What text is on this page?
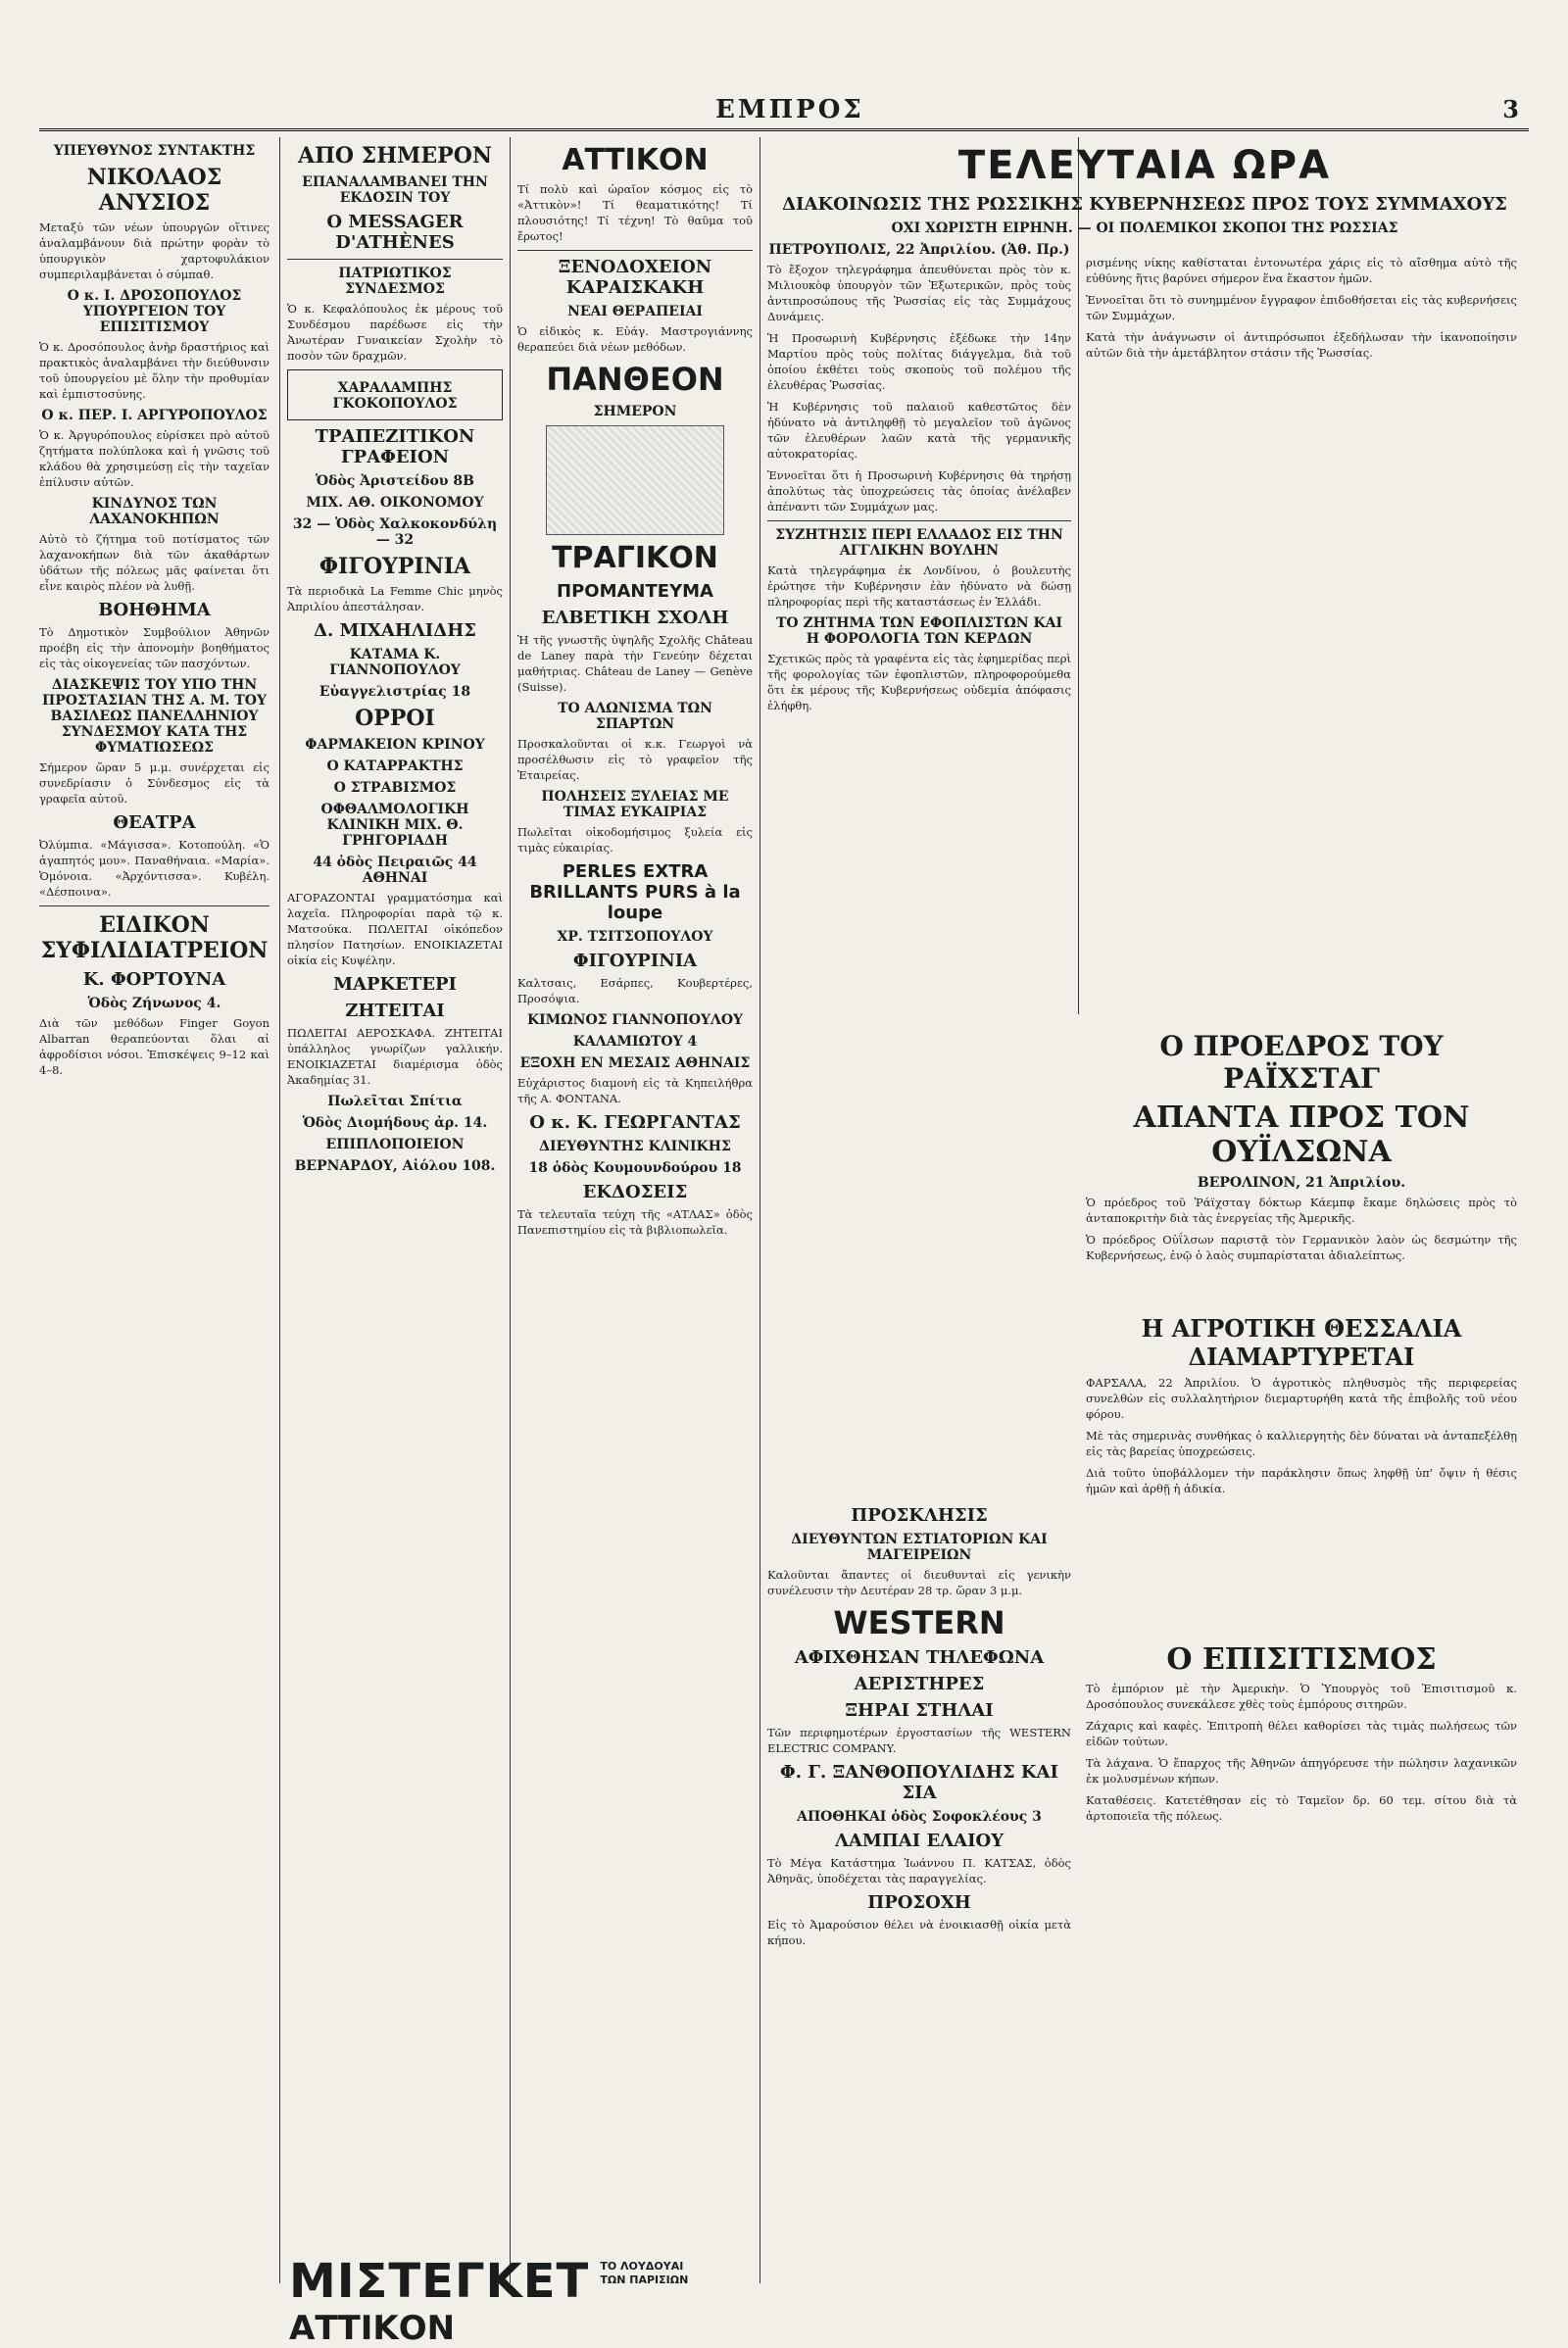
ΕΜΠΡΟΣ	3
ΥΠΕΥΘΥΝΟΣ ΣΥΝΤΑΚΤΗΣ
ΝΙΚΟΛΑΟΣ ΑΝΥΣΙΟΣ

Μεταξύ τῶν νέων ὑπουργῶν οἵτινες ἀναλαμβάνουν διὰ πρώτην φορὰν τὸ ὑπουργικὸν χαρτοφυλάκιον συμπεριλαμβάνεται ὁ σύμπαθ.

Ο κ. Ι. ΔΡΟΣΟΠΟΥΛΟΣ ΥΠΟΥΡΓΕΙΟΝ ΤΟΥ ΕΠΙΣΙΤΙΣΜΟΥ

Ὁ κ. Δροσόπουλος ἀνὴρ δραστήριος καὶ πρακτικὸς ἀναλαμβάνει τὴν διεύθυνσιν τοῦ ὑπουργείου μὲ ὅλην τὴν προθυμίαν καὶ ἐμπιστοσύνης.

Ο κ. ΠΕΡ. Ι. ΑΡΓΥΡΟΠΟΥΛΟΣ

Ὁ κ. Ἀργυρόπουλος εὑρίσκει πρὸ αὐτοῦ ζητήματα πολύπλοκα καὶ ἡ γνῶσις τοῦ κλάδου θὰ χρησιμεύσῃ εἰς τὴν ταχεῖαν ἐπίλυσιν αὐτῶν.

ΚΙΝΔΥΝΟΣ ΤΩΝ ΛΑΧΑΝΟΚΗΠΩΝ

Αὐτὸ τὸ ζήτημα τοῦ ποτίσματος τῶν λαχανοκήπων διὰ τῶν ἀκαθάρτων ὑδάτων τῆς πόλεως μᾶς φαίνεται ὅτι εἶνε καιρὸς πλέον νὰ λυθῇ.

ΒΟΗΘΗΜΑ

Τὸ Δημοτικὸν Συμβούλιον Ἀθηνῶν προέβη εἰς τὴν ἀπονομὴν βοηθήματος εἰς τὰς οἰκογενείας τῶν πασχόντων.

ΔΙΑΣΚΕΨΙΣ ΤΟΥ ΥΠΟ ΤΗΝ ΠΡΟΣΤΑΣΙΑΝ ΤΗΣ Α. Μ. ΤΟΥ ΒΑΣΙΛΕΩΣ ΠΑΝΕΛΛΗΝΙΟΥ ΣΥΝΔΕΣΜΟΥ ΚΑΤΑ ΤΗΣ ΦΥΜΑΤΙΩΣΕΩΣ

Σήμερον ὥραν 5 μ.μ. συνέρχεται εἰς συνεδρίασιν ὁ Σύνδεσμος εἰς τὰ γραφεῖα αὐτοῦ.

ΘΕΑΤΡΑ

Ὀλύμπια. «Μάγισσα». Κοτοπούλη. «Ὁ ἀγαπητός μου». Παναθήναια. «Μαρία». Ὁμόνοια. «Ἀρχόντισσα». Κυβέλη. «Δέσποινα».

ΕΙΔΙΚΟΝ ΣΥΦΙΛΙΔΙΑΤΡΕΙΟΝ
Κ. ΦΟΡΤΟΥΝΑ
Ὁδὸς Ζήνωνος 4.

Διὰ τῶν μεθόδων Finger Goyon Albarran θεραπεύονται ὅλαι αἱ ἀφροδίσιοι νόσοι. Ἐπισκέψεις 9–12 καὶ 4–8.

ΑΠΟ ΣΗΜΕΡΟΝ
ΕΠΑΝΑΛΑΜΒΑΝΕΙ ΤΗΝ ΕΚΔΟΣΙΝ ΤΟΥ
Ο MESSAGER D'ATHÈNES
ΠΑΤΡΙΩΤΙΚΟΣ ΣΥΝΔΕΣΜΟΣ

Ὁ κ. Κεφαλόπουλος ἐκ μέρους τοῦ Συνδέσμου παρέδωσε εἰς τὴν Ἀνωτέραν Γυναικείαν Σχολὴν τὸ ποσὸν τῶν δραχμῶν.

ΧΑΡΑΛΑΜΠΗΣ ΓΚΟΚΟΠΟΥΛΟΣ
ΤΡΑΠΕΖΙΤΙΚΟΝ ΓΡΑΦΕΙΟΝ
Ὁδὸς Ἀριστείδου 8Β
ΜΙΧ. ΑΘ. ΟΙΚΟΝΟΜΟΥ
32 — Ὁδὸς Χαλκοκονδύλη — 32
ΦΙΓΟΥΡΙΝΙΑ

Τὰ περιοδικὰ La Femme Chic μηνὸς Ἀπριλίου ἀπεστάλησαν.

Δ. ΜΙΧΑΗΛΙΔΗΣ
ΚΑΤΑΜΑ Κ. ΓΙΑΝΝΟΠΟΥΛΟΥ
Εὐαγγελιστρίας 18
ΟΡΡΟΙ
ΦΑΡΜΑΚΕΙΟΝ ΚΡΙΝΟΥ
Ο ΚΑΤΑΡΡΑΚΤΗΣ
Ο ΣΤΡΑΒΙΣΜΟΣ
ΟΦΘΑΛΜΟΛΟΓΙΚΗ ΚΛΙΝΙΚΗ ΜΙΧ. Θ. ΓΡΗΓΟΡΙΑΔΗ
44 ὁδὸς Πειραιῶς 44 ΑΘΗΝΑΙ

ΑΓΟΡΑΖΟΝΤΑΙ γραμματόσημα καὶ λαχεῖα. Πληροφορίαι παρὰ τῷ κ. Ματσούκα. ΠΩΛΕΙΤΑΙ οἰκόπεδον πλησίον Πατησίων. ΕΝΟΙΚΙΑΖΕΤΑΙ οἰκία εἰς Κυψέλην.

ΜΑΡΚΕΤΕΡΙ
ΖΗΤΕΙΤΑΙ

ΠΩΛΕΙΤΑΙ ΑΕΡΟΣΚΑΦΑ. ΖΗΤΕΙΤΑΙ ὑπάλληλος γνωρίζων γαλλικήν. ΕΝΟΙΚΙΑΖΕΤΑΙ διαμέρισμα ὁδὸς Ἀκαδημίας 31.

Πωλεῖται Σπίτια
Ὁδὸς Διομήδους ἀρ. 14.
ΕΠΙΠΛΟΠΟΙΕΙΟΝ
ΒΕΡΝΑΡΔΟΥ, Αἰόλου 108.
ΑΤΤΙΚΟΝ

Τί πολὺ καὶ ὡραῖον κόσμος εἰς τὸ «Ἀττικὸν»! Τί θεαματικότης! Τί πλουσιότης! Τί τέχνη! Τὸ θαῦμα τοῦ ἔρωτος!

ΞΕΝΟΔΟΧΕΙΟΝ ΚΑΡΑΙΣΚΑΚΗ
ΝΕΑΙ ΘΕΡΑΠΕΙΑΙ

Ὁ εἰδικὸς κ. Εὐάγ. Μαστρογιάννης θεραπεύει διὰ νέων μεθόδων.

ΠΑΝΘΕΟΝ
ΣΗΜΕΡΟΝ
ΤΡΑΓΙΚΟΝ
ΠΡΟΜΑΝΤΕΥΜΑ
ΕΛΒΕΤΙΚΗ ΣΧΟΛΗ

Ἡ τῆς γνωστῆς ὑψηλῆς Σχολῆς Château de Laney παρὰ τὴν Γενεύην δέχεται μαθήτριας. Château de Laney — Genève (Suisse).

ΤΟ ΑΛΩΝΙΣΜΑ ΤΩΝ ΣΠΑΡΤΩΝ

Προσκαλοῦνται οἱ κ.κ. Γεωργοὶ νὰ προσέλθωσιν εἰς τὸ γραφεῖον τῆς Ἑταιρείας.

ΠΟΛΗΣΕΙΣ ΞΥΛΕΙΑΣ ΜΕ ΤΙΜΑΣ ΕΥΚΑΙΡΙΑΣ

Πωλεῖται οἰκοδομήσιμος ξυλεία εἰς τιμὰς εὐκαιρίας.

PERLES EXTRA BRILLANTS PURS à la loupe
ΧΡ. ΤΣΙΤΣΟΠΟΥΛΟΥ
ΦΙΓΟΥΡΙΝΙΑ

Καλτσαις, Εσάρπες, Κουβερτέρες, Προσόψια.

ΚΙΜΩΝΟΣ ΓΙΑΝΝΟΠΟΥΛΟΥ
ΚΑΛΑΜΙΩΤΟΥ 4
ΕΞΟΧΗ ΕΝ ΜΕΣΑΙΣ ΑΘΗΝΑΙΣ

Εὐχάριστος διαμονὴ εἰς τὰ Κηπειλήθρα τῆς Α. ΦΟΝΤΑΝΑ.

Ο κ. Κ. ΓΕΩΡΓΑΝΤΑΣ
ΔΙΕΥΘΥΝΤΗΣ ΚΛΙΝΙΚΗΣ
18 ὁδὸς Κουμουνδούρου 18
ΕΚΔΟΣΕΙΣ

Τὰ τελευταῖα τεύχη τῆς «ΑΤΛΑΣ» ὁδὸς Πανεπιστημίου εἰς τὰ βιβλιοπωλεῖα.

ΤΕΛΕΥΤΑΙΑ ΩΡΑ
ΔΙΑΚΟΙΝΩΣΙΣ ΤΗΣ ΡΩΣΣΙΚΗΣ ΚΥΒΕΡΝΗΣΕΩΣ ΠΡΟΣ ΤΟΥΣ ΣΥΜΜΑΧΟΥΣ
ΟΧΙ ΧΩΡΙΣΤΗ ΕΙΡΗΝΗ. — ΟΙ ΠΟΛΕΜΙΚΟΙ ΣΚΟΠΟΙ ΤΗΣ ΡΩΣΣΙΑΣ
ΠΕΤΡΟΥΠΟΛΙΣ, 22 Ἀπριλίου. (Ἀθ. Πρ.)

Τὸ ἔξοχον τηλεγράφημα ἀπευθύνεται πρὸς τὸν κ. Μιλιουκὸφ ὑπουργὸν τῶν Ἐξωτερικῶν, πρὸς τοὺς ἀντιπροσώπους τῆς Ῥωσσίας εἰς τὰς Συμμάχους Δυνάμεις.

Ἡ Προσωρινὴ Κυβέρνησις ἐξέδωκε τὴν 14ην Μαρτίου πρὸς τοὺς πολίτας διάγγελμα, διὰ τοῦ ὁποίου ἐκθέτει τοὺς σκοποὺς τοῦ πολέμου τῆς ἐλευθέρας Ῥωσσίας.

Ἡ Κυβέρνησις τοῦ παλαιοῦ καθεστῶτος δὲν ἠδύνατο νὰ ἀντιληφθῇ τὸ μεγαλεῖον τοῦ ἀγῶνος τῶν ἐλευθέρων λαῶν κατὰ τῆς γερμανικῆς αὐτοκρατορίας.

Ἐννοεῖται ὅτι ἡ Προσωρινὴ Κυβέρνησις θὰ τηρήσῃ ἀπολύτως τὰς ὑποχρεώσεις τὰς ὁποίας ἀνέλαβεν ἀπέναντι τῶν Συμμάχων μας.

ΣΥΖΗΤΗΣΙΣ ΠΕΡΙ ΕΛΛΑΔΟΣ ΕΙΣ ΤΗΝ ΑΓΓΛΙΚΗΝ ΒΟΥΛΗΝ

Κατὰ τηλεγράφημα ἐκ Λονδίνου, ὁ βουλευτὴς ἐρώτησε τὴν Κυβέρνησιν ἐὰν ἠδύνατο νὰ δώσῃ πληροφορίας περὶ τῆς καταστάσεως ἐν Ἑλλάδι.

ΤΟ ΖΗΤΗΜΑ ΤΩΝ ΕΦΟΠΛΙΣΤΩΝ ΚΑΙ Η ΦΟΡΟΛΟΓΙΑ ΤΩΝ ΚΕΡΔΩΝ

Σχετικῶς πρὸς τὰ γραφέντα εἰς τὰς ἐφημερίδας περὶ τῆς φορολογίας τῶν ἐφοπλιστῶν, πληροφορούμεθα ὅτι ἐκ μέρους τῆς Κυβερνήσεως οὐδεμία ἀπόφασις ἐλήφθη.

ΠΡΟΣΚΛΗΣΙΣ
ΔΙΕΥΘΥΝΤΩΝ ΕΣΤΙΑΤΟΡΙΩΝ ΚΑΙ ΜΑΓΕΙΡΕΙΩΝ

Καλοῦνται ἅπαντες οἱ διευθυνταὶ εἰς γενικὴν συνέλευσιν τὴν Δευτέραν 28 τρ. ὥραν 3 μ.μ.

WESTERN
ΑΦΙΧΘΗΣΑΝ ΤΗΛΕΦΩΝΑ
ΑΕΡΙΣΤΗΡΕΣ
ΞΗΡΑΙ ΣΤΗΛΑΙ

Τῶν περιφημοτέρων ἐργοστασίων τῆς WESTERN ELECTRIC COMPANY.

Φ. Γ. ΞΑΝΘΟΠΟΥΛΙΔΗΣ ΚΑΙ ΣΙΑ
ΑΠΟΘΗΚΑΙ ὁδὸς Σοφοκλέους 3
ΛΑΜΠΑΙ ΕΛΑΙΟΥ

Τὸ Μέγα Κατάστημα Ἰωάννου Π. ΚΑΤΣΑΣ, ὁδὸς Ἀθηνᾶς, ὑποδέχεται τὰς παραγγελίας.

ΠΡΟΣΟΧΗ

Εἰς τὸ Ἀμαρούσιον θέλει νὰ ἐνοικιασθῇ οἰκία μετὰ κήπου.

ρισμένης νίκης καθίσταται ἐντονωτέρα χάρις εἰς τὸ αἴσθημα αὐτὸ τῆς εὐθύνης ἥτις βαρύνει σήμερον ἕνα ἕκαστον ἡμῶν.

Ἐννοεῖται ὅτι τὸ συνημμένον ἔγγραφον ἐπιδοθήσεται εἰς τὰς κυβερνήσεις τῶν Συμμάχων.

Κατὰ τὴν ἀνάγνωσιν οἱ ἀντιπρόσωποι ἐξεδήλωσαν τὴν ἱκανοποίησιν αὐτῶν διὰ τὴν ἀμετάβλητον στάσιν τῆς Ῥωσσίας.

Ο ΠΡΟΕΔΡΟΣ ΤΟΥ ΡΑΪΧΣΤΑΓ
ΑΠΑΝΤΑ ΠΡΟΣ ΤΟΝ ΟΥΪΛΣΩΝΑ
ΒΕΡΟΛΙΝΟΝ, 21 Ἀπριλίου.

Ὁ πρόεδρος τοῦ Ῥάϊχσταγ δόκτωρ Κάεμπφ ἔκαμε δηλώσεις πρὸς τὸ ἀνταποκριτὴν διὰ τὰς ἐνεργείας τῆς Ἀμερικῆς.

Ὁ πρόεδρος Οὐΐλσων παριστᾷ τὸν Γερμανικὸν λαὸν ὡς δεσμώτην τῆς Κυβερνήσεως, ἐνῷ ὁ λαὸς συμπαρίσταται ἀδιαλείπτως.

Η ΑΓΡΟΤΙΚΗ ΘΕΣΣΑΛΙΑ ΔΙΑΜΑΡΤΥΡΕΤΑΙ

ΦΑΡΣΑΛΑ, 22 Ἀπριλίου. Ὁ ἀγροτικὸς πληθυσμὸς τῆς περιφερείας συνελθὼν εἰς συλλαλητήριον διεμαρτυρήθη κατὰ τῆς ἐπιβολῆς τοῦ νέου φόρου.

Μὲ τὰς σημερινὰς συνθήκας ὁ καλλιεργητὴς δὲν δύναται νὰ ἀνταπεξέλθῃ εἰς τὰς βαρείας ὑποχρεώσεις.

Διὰ τοῦτο ὑποβάλλομεν τὴν παράκλησιν ὅπως ληφθῇ ὑπ' ὄψιν ἡ θέσις ἡμῶν καὶ ἀρθῇ ἡ ἀδικία.

Ο ΕΠΙΣΙΤΙΣΜΟΣ

Τὸ ἐμπόριον μὲ τὴν Ἀμερικὴν. Ὁ Ὑπουργὸς τοῦ Ἐπισιτισμοῦ κ. Δροσόπουλος συνεκάλεσε χθὲς τοὺς ἐμπόρους σιτηρῶν.

Ζάχαρις καὶ καφὲς. Ἐπιτροπὴ θέλει καθορίσει τὰς τιμὰς πωλήσεως τῶν εἰδῶν τούτων.

Τὰ λάχανα. Ὁ ἔπαρχος τῆς Ἀθηνῶν ἀπηγόρευσε τὴν πώλησιν λαχανικῶν ἐκ μολυσμένων κήπων.

Καταθέσεις. Κατετέθησαν εἰς τὸ Ταμεῖον δρ. 60 τεμ. σίτου διὰ τὰ ἀρτοποιεῖα τῆς πόλεως.

ΜΙΣΤΕΓΚΕΤ ΤΟ ΛΟΥΔΟΥΑΙ
ΤΩΝ ΠΑΡΙΣΙΩΝ ΑΤΤΙΚΟΝ
